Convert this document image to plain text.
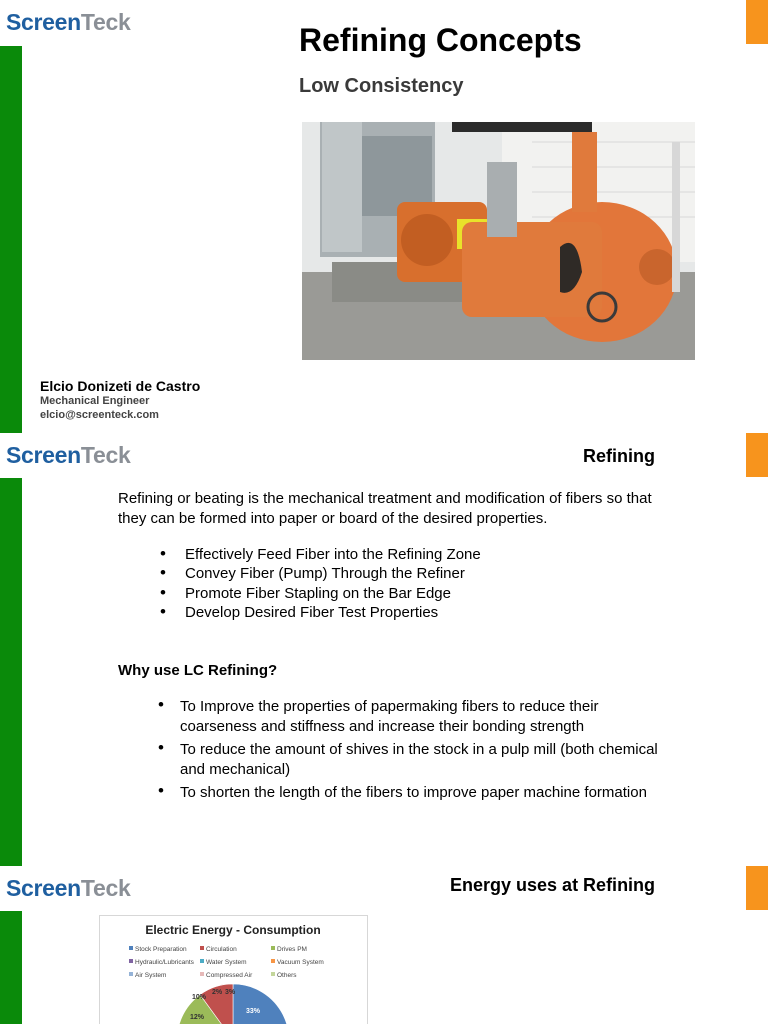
ScreenTeck	Refining Concepts
Low Consistency
Elcio Donizeti de Castro
Mechanical Engineer
elcio@screenteck.com
ScreenTeck	Refining
Refining or beating is the mechanical treatment and modification of fibers so that they can be formed into paper or board of the desired properties.
• Effectively Feed Fiber into the Refining Zone
• Convey Fiber (Pump) Through the Refiner
• Promote Fiber Stapling on the Bar Edge
• Develop Desired Fiber Test Properties
Why use LC Refining?
• To Improve the properties of papermaking fibers to reduce their coarseness and stiffness and increase their bonding strength
• To reduce the amount of shives in the stock in a pulp mill (both chemical and mechanical)
• To shorten the length of the fibers to improve paper machine formation
ScreenTeck	Energy uses at Refining
Electric Energy - Consumption
Stock Preparation	Circulation	Drives PM
Hydraulic/Lubricants Water System	Vacuum System
Air System	Compressed Air	Others
10%
2% 3%
12%
33%
